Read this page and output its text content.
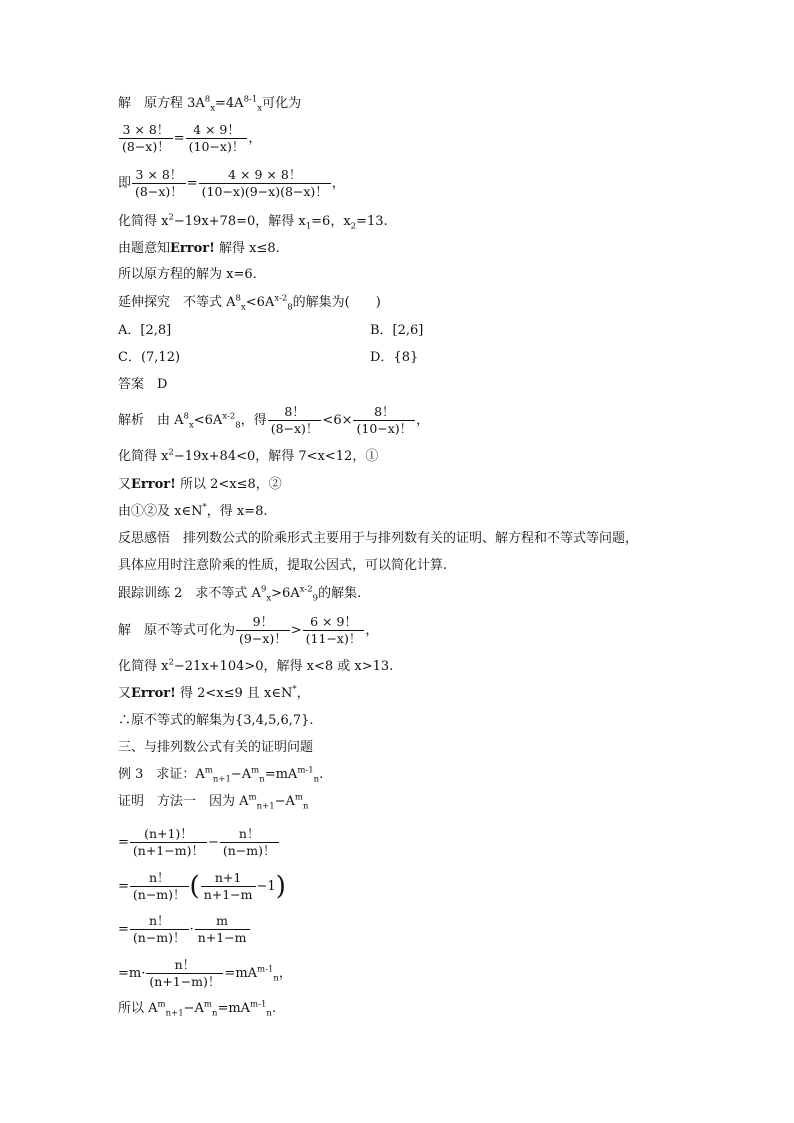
解　原方程 $3A^8_x=4A^{8-1}_x$可化为
$\frac{3 \times 8!}{(8-x)!} = \frac{4 \times 9!}{(10-x)!}$ ，
即 $\frac{3 \times 8!}{(8-x)!} = \frac{4 \times 9 \times 8!}{(10-x)(9-x)(8-x)!}$ ，
化简得 $x^2-19x+78=0$，解得 $x_1=6$，$x_2=13$.
由题意知Error! 解得 x≤8.
所以原方程的解为 x=6.
延伸探究　不等式 $A^8_x<6A^{x-2}_8$的解集为(　　)
A．[2,8]	B．[2,6]
C．(7,12)	D．{8}
答案　D
解析　由 $A^8_x<6A^{x-2}_8$，得 $\frac{8!}{(8-x)!} <6\times \frac{8!}{(10-x)!}$ ，
化简得 $x^2-19x+84<0$，解得 7<x<12，①
又Error! 所以 2<x≤8，②
由①②及 x∈N*，得 x=8.
反思感悟　排列数公式的阶乘形式主要用于与排列数有关的证明、解方程和不等式等问题，
具体应用时注意阶乘的性质，提取公因式，可以简化计算.
跟踪训练 2　求不等式 $A^9_x>6A^{x-2}_9$的解集.
解　原不等式可化为 $\frac{9!}{(9-x)!} > \frac{6 \times 9!}{(11-x)!}$ ，
化简得 $x^2-21x+104>0$，解得 x<8 或 x>13.
又Error! 得 2<x≤9 且 x∈N*，
∴原不等式的解集为{3,4,5,6,7}.
三、与排列数公式有关的证明问题
例 3　求证：$A^m_{n+1}-A^m_n=mA^{m-1}_n$.
证明　方法一　因为 $A^m_{n+1}-A^m_n$
= $\frac{(n+1)!}{(n+1-m)!} - \frac{n!}{(n-m)!}$
= $\frac{n!}{(n-m)!}$ ( $\frac{n+1}{n+1-m} -1$)
= $\frac{n!}{(n-m)!} \cdot \frac{m}{n+1-m}$
$=m\cdot \frac{n!}{(n+1-m)!} =mA^{m-1}_n$，
所以 $A^m_{n+1}-A^m_n=mA^{m-1}_n$.
